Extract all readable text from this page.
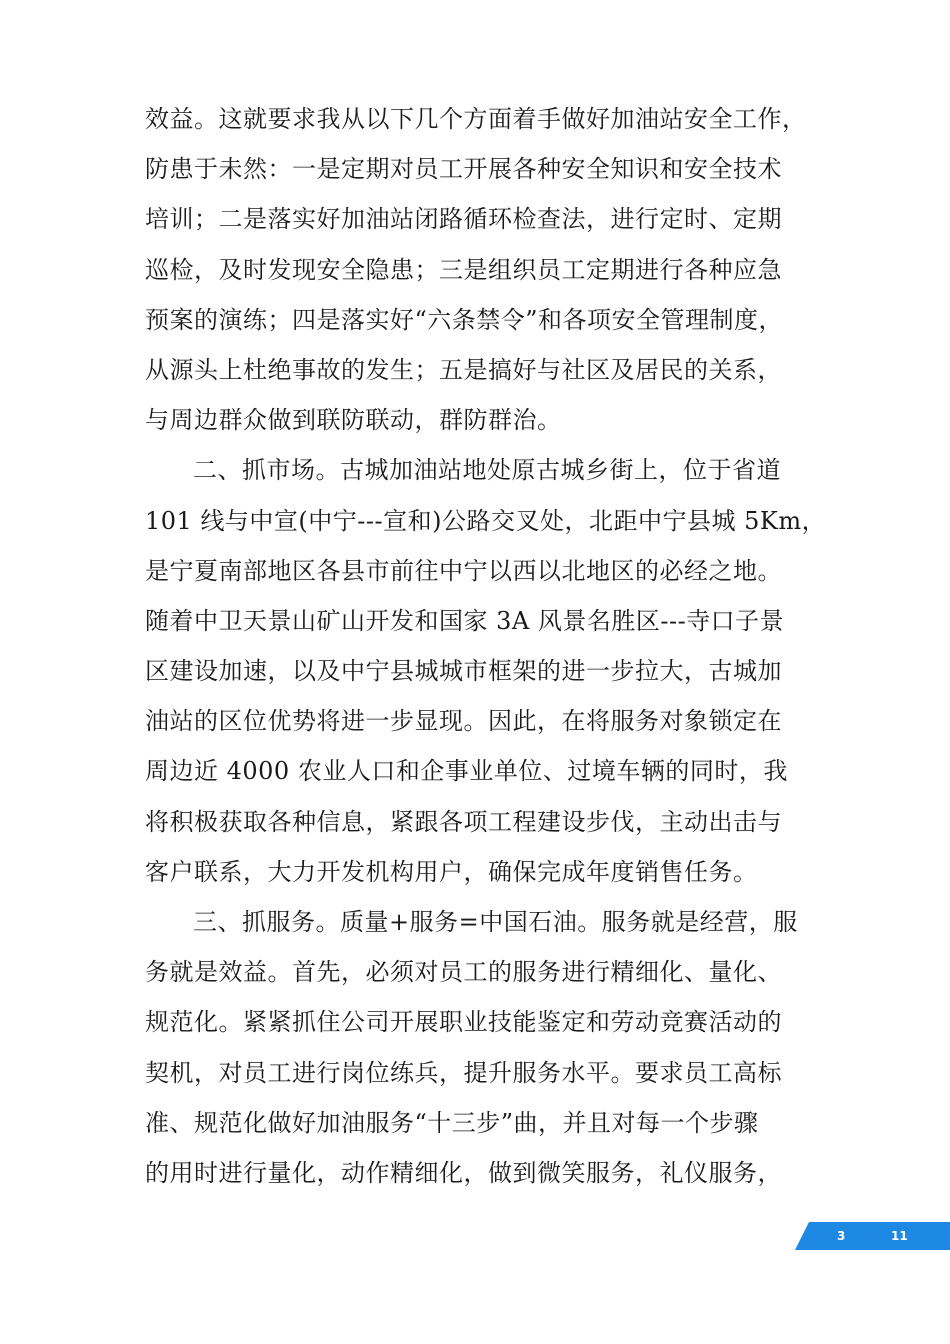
效益。这就要求我从以下几个方面着手做好加油站安全工作，
防患于未然：一是定期对员工开展各种安全知识和安全技术
培训；二是落实好加油站闭路循环检查法，进行定时、定期
巡检，及时发现安全隐患；三是组织员工定期进行各种应急
预案的演练；四是落实好“六条禁令”和各项安全管理制度，
从源头上杜绝事故的发生；五是搞好与社区及居民的关系，
与周边群众做到联防联动，群防群治。
二、抓市场。古城加油站地处原古城乡街上，位于省道
101 线与中宣(中宁---宣和)公路交叉处，北距中宁县城 5Km，
是宁夏南部地区各县市前往中宁以西以北地区的必经之地。
随着中卫天景山矿山开发和国家 3A 风景名胜区---寺口子景
区建设加速，以及中宁县城城市框架的进一步拉大，古城加
油站的区位优势将进一步显现。因此，在将服务对象锁定在
周边近 4000 农业人口和企事业单位、过境车辆的同时，我
将积极获取各种信息，紧跟各项工程建设步伐，主动出击与
客户联系，大力开发机构用户，确保完成年度销售任务。
三、抓服务。质量+服务=中国石油。服务就是经营，服
务就是效益。首先，必须对员工的服务进行精细化、量化、
规范化。紧紧抓住公司开展职业技能鉴定和劳动竞赛活动的
契机，对员工进行岗位练兵，提升服务水平。要求员工高标
准、规范化做好加油服务“十三步”曲，并且对每一个步骤
的用时进行量化，动作精细化，做到微笑服务，礼仪服务，
3	11
